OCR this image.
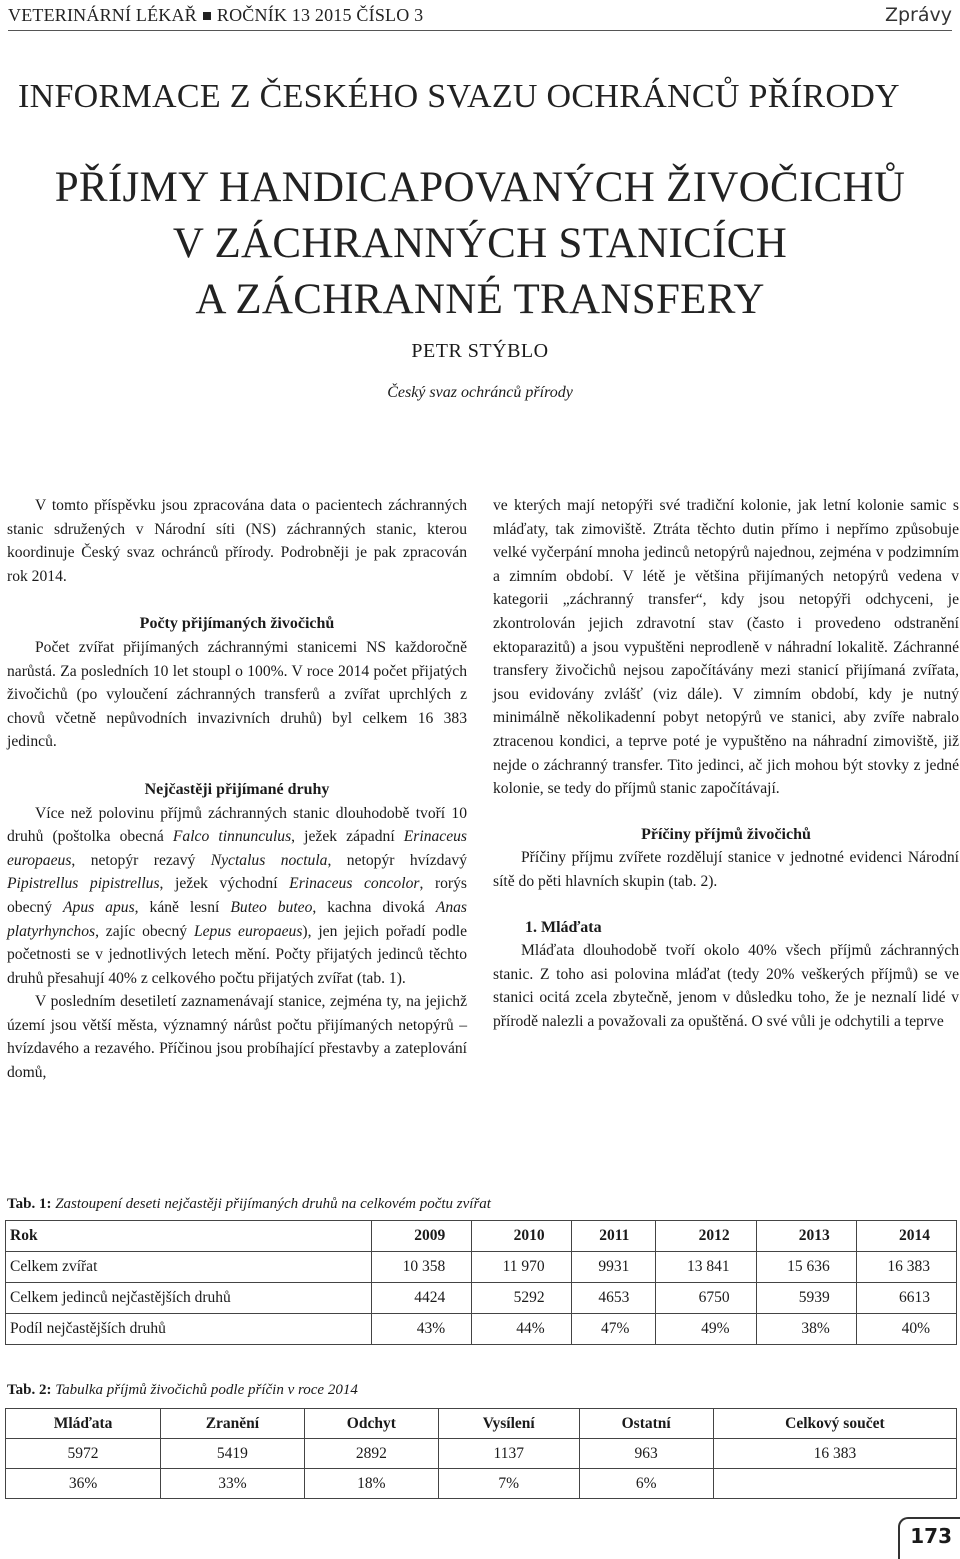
VETERINÁRNÍ LÉKAŘ ROČNÍK 13 2015 ČÍSLO 3	Zprávy
INFORMACE Z ČESKÉHO SVAZU OCHRÁNCŮ PŘÍRODY
PŘÍJMY HANDICAPOVANÝCH ŽIVOČICHŮ
V ZÁCHRANNÝCH STANICÍCH
A ZÁCHRANNÉ TRANSFERY
PETR STÝBLO
Český svaz ochránců přírody

V tomto příspěvku jsou zpracována data o pacientech záchranných stanic sdružených v Národní síti (NS) záchranných stanic, kterou koordinuje Český svaz ochránců přírody. Podrobněji je pak zpracován rok 2014.

Počty přijímaných živočichů

Počet zvířat přijímaných záchrannými stanicemi NS každoročně narůstá. Za posledních 10 let stoupl o 100%. V roce 2014 počet přijatých živočichů (po vyloučení záchranných transferů a zvířat uprchlých z chovů včetně nepůvodních invazivních druhů) byl celkem 16 383 jedinců.

Nejčastěji přijímané druhy

Více než polovinu příjmů záchranných stanic dlouhodobě tvoří 10 druhů (poštolka obecná Falco tinnunculus, ježek západní Erinaceus europaeus, netopýr rezavý Nyctalus noctula, netopýr hvízdavý Pipistrellus pipistrellus, ježek východní Erinaceus concolor, rorýs obecný Apus apus, káně lesní Buteo buteo, kachna divoká Anas platyrhynchos, zajíc obecný Lepus europaeus), jen jejich pořadí podle početnosti se v jednotlivých letech mění. Počty přijatých jedinců těchto druhů přesahují 40% z celkového počtu přijatých zvířat (tab. 1).

V posledním desetiletí zaznamenávají stanice, zejména ty, na jejichž území jsou větší města, významný nárůst počtu přijímaných netopýrů – hvízdavého a rezavého. Příčinou jsou probíhající přestavby a zateplování domů,

ve kterých mají netopýři své tradiční kolonie, jak letní kolonie samic s mláďaty, tak zimoviště. Ztráta těchto dutin přímo i nepřímo způsobuje velké vyčerpání mnoha jedinců netopýrů najednou, zejména v podzimním a zimním období. V létě je většina přijímaných netopýrů vedena v kategorii „záchranný transfer“, kdy jsou netopýři odchyceni, je zkontrolován jejich zdravotní stav (často i provedeno odstranění ektoparazitů) a jsou vypuštěni neprodleně v náhradní lokalitě. Záchranné transfery živočichů nejsou započítávány mezi stanicí přijímaná zvířata, jsou evidovány zvlášť (viz dále). V zimním období, kdy je nutný minimálně několikadenní pobyt netopýrů ve stanici, aby zvíře nabralo ztracenou kondici, a teprve poté je vypuštěno na náhradní zimoviště, již nejde o záchranný transfer. Tito jedinci, ač jich mohou být stovky z jedné kolonie, se tedy do příjmů stanic započítávají.

Příčiny příjmů živočichů

Příčiny příjmu zvířete rozdělují stanice v jednotné evidenci Národní sítě do pěti hlavních skupin (tab. 2).

1. Mláďata

Mláďata dlouhodobě tvoří okolo 40% všech příjmů záchranných stanic. Z toho asi polovina mláďat (tedy 20% veškerých příjmů) se ve stanici ocitá zcela zbytečně, jenom v důsledku toho, že je neznalí lidé v přírodě nalezli a považovali za opuštěná. O své vůli je odchytili a teprve

Tab. 1: Zastoupení deseti nejčastěji přijímaných druhů na celkovém počtu zvířat
Rok	2009	2010	2011	2012	2013	2014
Celkem zvířat	10 358	11 970	9931	13 841	15 636	16 383
Celkem jedinců nejčastějších druhů	4424	5292	4653	6750	5939	6613
Podíl nejčastějších druhů	43%	44%	47%	49%	38%	40%
Tab. 2: Tabulka příjmů živočichů podle příčin v roce 2014
Mláďata	Zranění	Odchyt	Vysílení	Ostatní	Celkový součet
5972	5419	2892	1137	963	16 383
36%	33%	18%	7%	6%	
173
